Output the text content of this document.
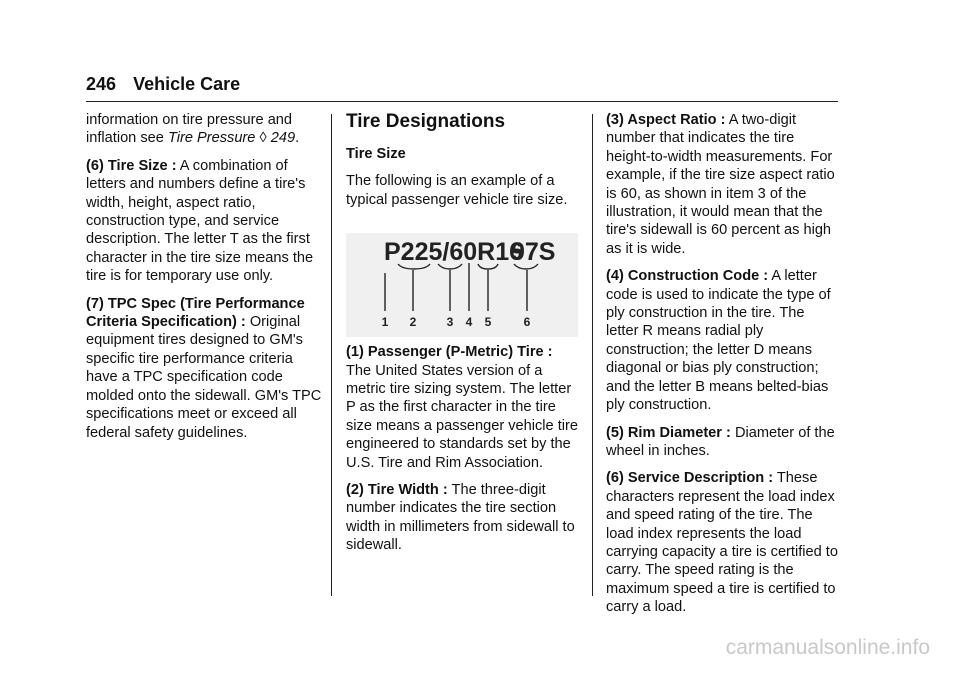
246 Vehicle Care

information on tire pressure and inflation see Tire Pressure ◊ 249.

(6) Tire Size : A combination of letters and numbers define a tire's width, height, aspect ratio, construction type, and service description. The letter T as the first character in the tire size means the tire is for temporary use only.

(7) TPC Spec (Tire Performance Criteria Specification) : Original equipment tires designed to GM's specific tire performance criteria have a TPC specification code molded onto the sidewall. GM's TPC specifications meet or exceed all federal safety guidelines.

Tire Designations
Tire Size

The following is an example of a typical passenger vehicle tire size.

P225/60R16
97S
1 2	3 4 5	6

(1) Passenger (P-Metric) Tire : The United States version of a metric tire sizing system. The letter P as the first character in the tire size means a passenger vehicle tire engineered to standards set by the U.S. Tire and Rim Association.

(2) Tire Width : The three-digit number indicates the tire section width in millimeters from sidewall to sidewall.

(3) Aspect Ratio : A two-digit number that indicates the tire height-to-width measurements. For example, if the tire size aspect ratio is 60, as shown in item 3 of the illustration, it would mean that the tire's sidewall is 60 percent as high as it is wide.

(4) Construction Code : A letter code is used to indicate the type of ply construction in the tire. The letter R means radial ply construction; the letter D means diagonal or bias ply construction; and the letter B means belted-bias ply construction.

(5) Rim Diameter : Diameter of the wheel in inches.

(6) Service Description : These characters represent the load index and speed rating of the tire. The load index represents the load carrying capacity a tire is certified to carry. The speed rating is the maximum speed a tire is certified to carry a load.

carmanualsonline.info
